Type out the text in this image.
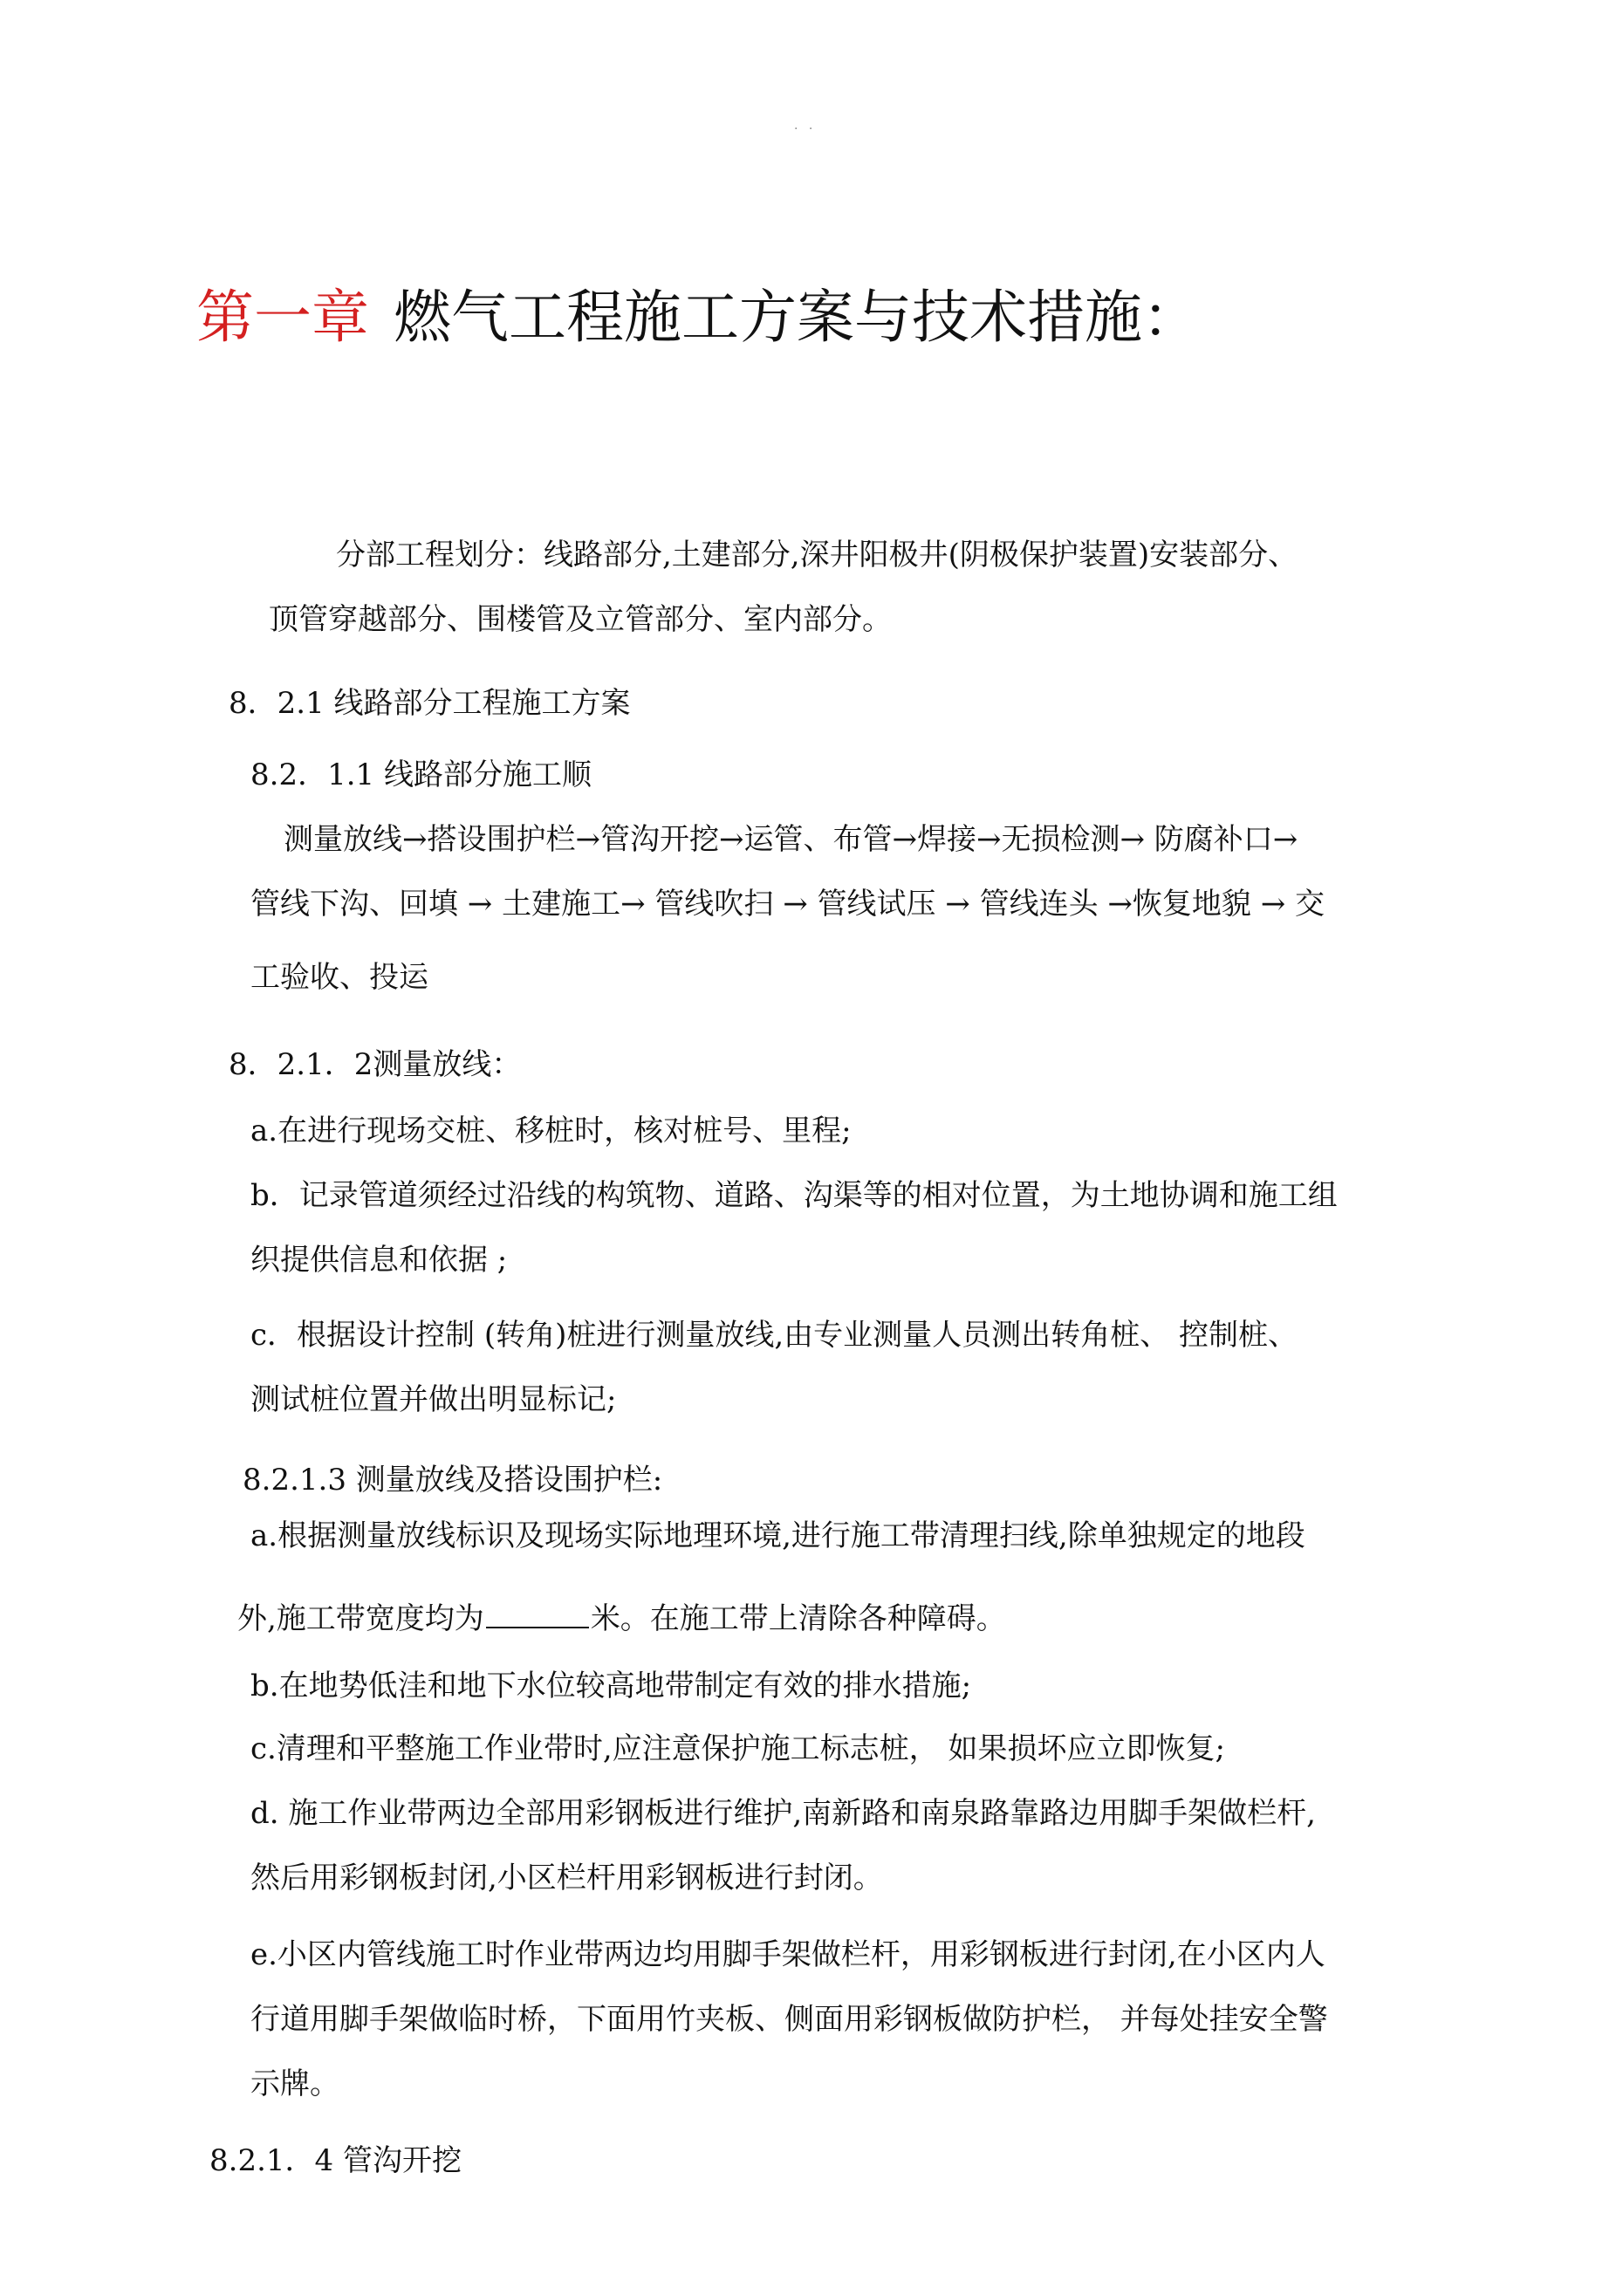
· ·
第一章 燃气工程施工方案与技术措施：
分部工程划分：线路部分,土建部分,深井阳极井(阴极保护装置)安装部分、
顶管穿越部分、围楼管及立管部分、室内部分。
8．2.1 线路部分工程施工方案
8.2．1.1 线路部分施工顺
测量放线→搭设围护栏→管沟开挖→运管、布管→焊接→无损检测→ 防腐补口→
管线下沟、回填 → 土建施工→ 管线吹扫 → 管线试压 → 管线连头 →恢复地貌 → 交
工验收、投运
8．2.1．2测量放线：
a.在进行现场交桩、移桩时，核对桩号、里程;
b．记录管道须经过沿线的构筑物、道路、沟渠等的相对位置，为土地协调和施工组
织提供信息和依据 ;
c．根据设计控制 (转角)桩进行测量放线,由专业测量人员测出转角桩、 控制桩、
测试桩位置并做出明显标记;
8.2.1.3 测量放线及搭设围护栏:
a.根据测量放线标识及现场实际地理环境,进行施工带清理扫线,除单独规定的地段
外,施工带宽度均为	米。在施工带上清除各种障碍。
b.在地势低洼和地下水位较高地带制定有效的排水措施;
c.清理和平整施工作业带时,应注意保护施工标志桩， 如果损坏应立即恢复;
d. 施工作业带两边全部用彩钢板进行维护,南新路和南泉路靠路边用脚手架做栏杆,
然后用彩钢板封闭,小区栏杆用彩钢板进行封闭。
e.小区内管线施工时作业带两边均用脚手架做栏杆，用彩钢板进行封闭,在小区内人
行道用脚手架做临时桥，下面用竹夹板、侧面用彩钢板做防护栏， 并每处挂安全警
示牌。
8.2.1．4 管沟开挖
